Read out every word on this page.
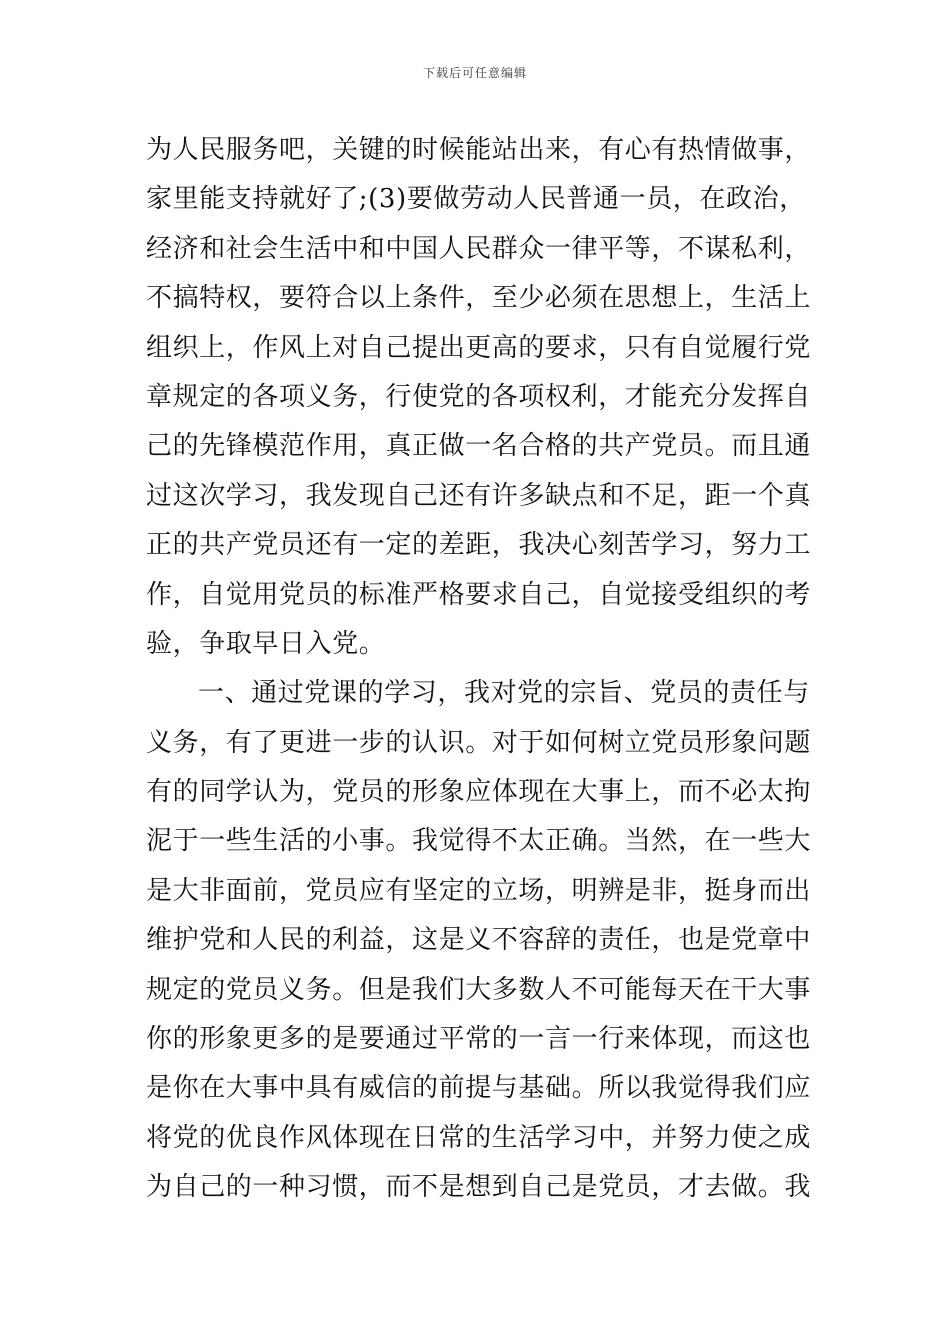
下载后可任意编辑
为人民服务吧，关键的时候能站出来，有心有热情做事，
家里能支持就好了;(3)要做劳动人民普通一员，在政治，
经济和社会生活中和中国人民群众一律平等，不谋私利，
不搞特权，要符合以上条件，至少必须在思想上，生活上
组织上，作风上对自己提出更高的要求，只有自觉履行党
章规定的各项义务，行使党的各项权利，才能充分发挥自
己的先锋模范作用，真正做一名合格的共产党员。而且通
过这次学习，我发现自己还有许多缺点和不足，距一个真
正的共产党员还有一定的差距，我决心刻苦学习，努力工
作，自觉用党员的标准严格要求自己，自觉接受组织的考
验，争取早日入党。
一、通过党课的学习，我对党的宗旨、党员的责任与
义务，有了更进一步的认识。对于如何树立党员形象问题
有的同学认为，党员的形象应体现在大事上，而不必太拘
泥于一些生活的小事。我觉得不太正确。当然，在一些大
是大非面前，党员应有坚定的立场，明辨是非，挺身而出
维护党和人民的利益，这是义不容辞的责任，也是党章中
规定的党员义务。但是我们大多数人不可能每天在干大事
你的形象更多的是要通过平常的一言一行来体现，而这也
是你在大事中具有威信的前提与基础。所以我觉得我们应
将党的优良作风体现在日常的生活学习中，并努力使之成
为自己的一种习惯，而不是想到自己是党员，才去做。我
